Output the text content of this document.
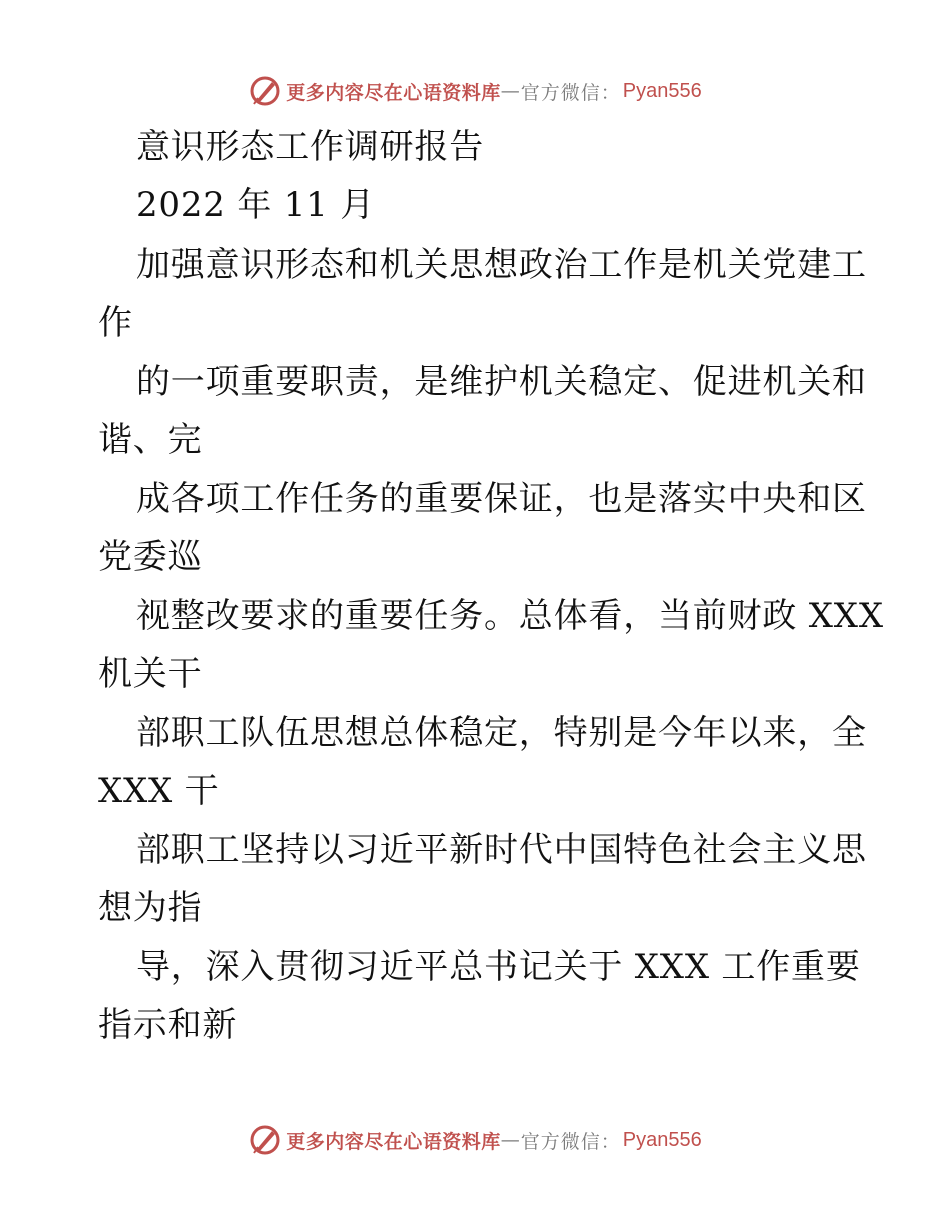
更多内容尽在心语资料库 — 官方微信： Pyan556
意识形态工作调研报告
2022 年 11 月
加强意识形态和机关思想政治工作是机关党建工
作
的一项重要职责，是维护机关稳定、促进机关和
谐、完
成各项工作任务的重要保证，也是落实中央和区
党委巡
视整改要求的重要任务。总体看，当前财政 XXX
机关干
部职工队伍思想总体稳定，特别是今年以来，全
XXX 干
部职工坚持以习近平新时代中国特色社会主义思
想为指
导，深入贯彻习近平总书记关于 XXX 工作重要
指示和新
更多内容尽在心语资料库 — 官方微信： Pyan556
